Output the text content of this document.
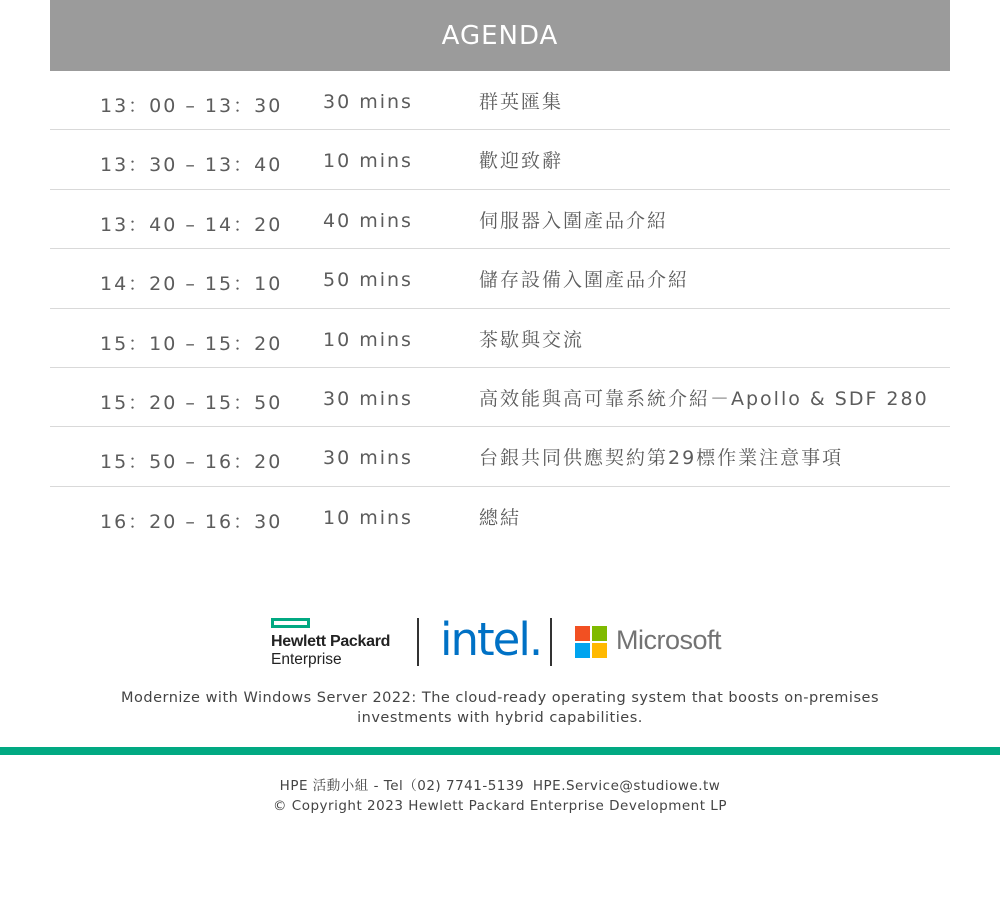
AGENDA
13：00 – 13：30 30 mins	群英匯集
13：30 – 13：40 10 mins	歡迎致辭
13：40 – 14：20 40 mins	伺服器入圍產品介紹
14：20 – 15：10 50 mins	儲存設備入圍產品介紹
15：10 – 15：20 10 mins	茶歇與交流
15：20 – 15：50 30 mins	高效能與高可靠系統介紹－Apollo & SDF 280
15：50 – 16：20 30 mins	台銀共同供應契約第29標作業注意事項
16：20 – 16：30 10 mins	總結
Hewlett Packard
Enterprise intel.	Microsoft
Modernize with Windows Server 2022: The cloud-ready operating system that boosts on-premises investments with hybrid capabilities.
HPE 活動小組 - Tel（02) 7741-5139 HPE.Service@studiowe.tw
© Copyright 2023 Hewlett Packard Enterprise Development LP
